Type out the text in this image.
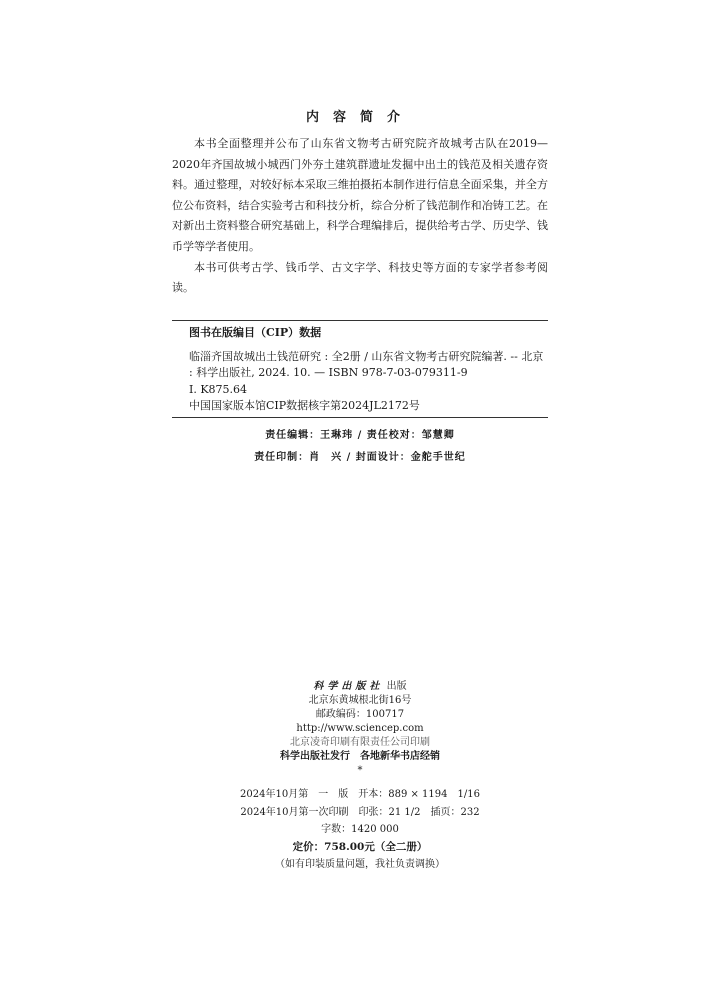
内容简介

本书全面整理并公布了山东省文物考古研究院齐故城考古队在2019—2020年齐国故城小城西门外夯土建筑群遗址发掘中出土的钱范及相关遗存资料。通过整理，对较好标本采取三维拍摄拓本制作进行信息全面采集，并全方位公布资料，结合实验考古和科技分析，综合分析了钱范制作和冶铸工艺。在对新出土资料整合研究基础上，科学合理编排后，提供给考古学、历史学、钱币学等学者使用。

本书可供考古学、钱币学、古文字学、科技史等方面的专家学者参考阅读。

图书在版编目（CIP）数据
临淄齐国故城出土钱范研究 : 全2册 / 山东省文物考古研究院编著. -- 北京 : 科学出版社, 2024. 10. — ISBN 978-7-03-079311-9
Ⅰ. K875.64
中国国家版本馆CIP数据核字第2024JL2172号
责任编辑：王琳玮 / 责任校对：邹慧卿
责任印制：肖　兴 / 封面设计：金舵手世纪
科学出版社 出版
北京东黄城根北街16号
邮政编码：100717
http://www.sciencep.com
北京凌奇印刷有限责任公司印刷
科学出版社发行　各地新华书店经销
*
2024年10月第　一　版　开本：889 × 1194　1/16
2024年10月第一次印刷　印张：21 1/2　插页：232
字数：1420 000
定价：758.00元（全二册）
（如有印装质量问题，我社负责调换）
